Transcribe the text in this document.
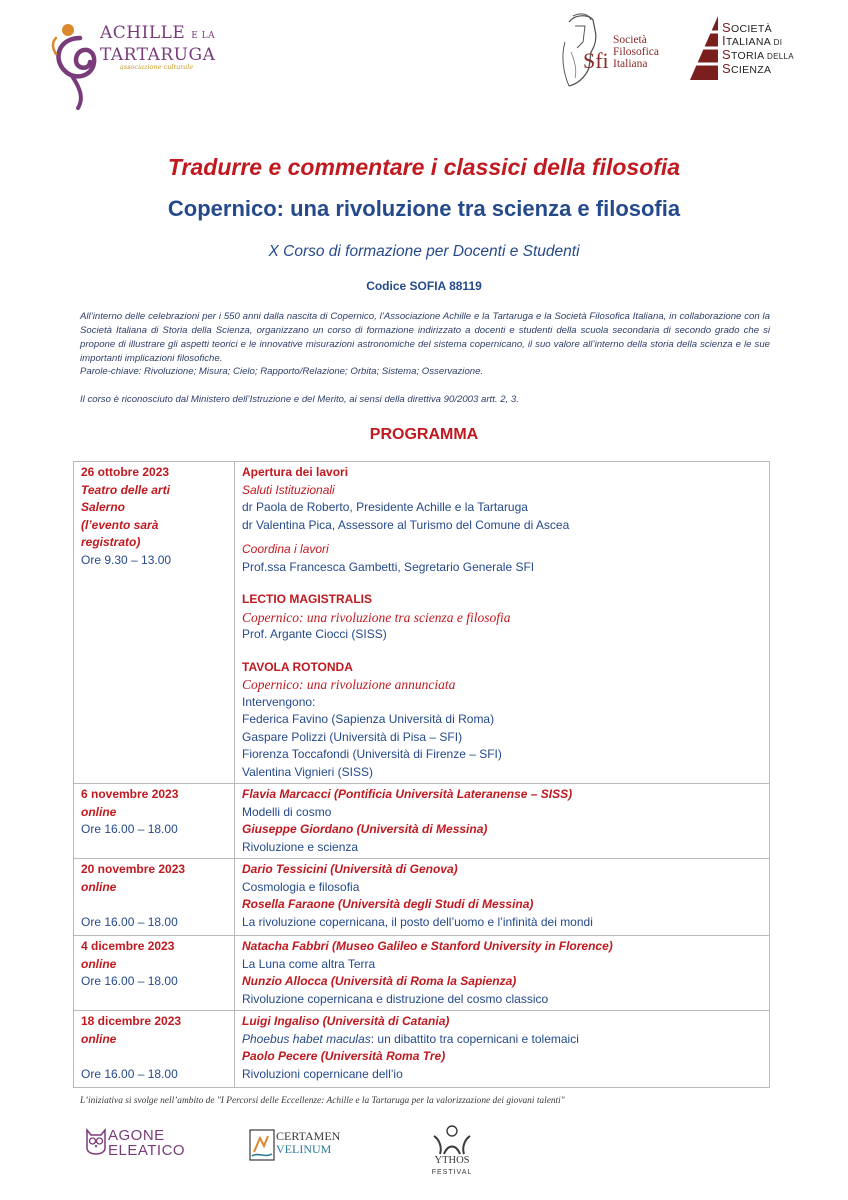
ACHILLE E LA
TARTARUGA
associazione culturale	Sfi
Società
Filosofica
Italiana
SOCIETÀ
ITALIANA DI
STORIA DELLA
SCIENZA
Tradurre e commentare i classici della filosofia
Copernico: una rivoluzione tra scienza e filosofia
X Corso di formazione per Docenti e Studenti
Codice SOFIA 88119
All’interno delle celebrazioni per i 550 anni dalla nascita di Copernico, l’Associazione Achille e la Tartaruga e la Società Filosofica Italiana, in collaborazione con la Società Italiana di Storia della Scienza, organizzano un corso di formazione indirizzato a docenti e studenti della scuola secondaria di secondo grado che si propone di illustrare gli aspetti teorici e le innovative misurazioni astronomiche del sistema copernicano, il suo valore all’interno della storia della scienza e le sue importanti implicazioni filosofiche.
Parole-chiave: Rivoluzione; Misura; Cielo; Rapporto/Relazione; Orbita; Sistema; Osservazione.
Il corso è riconosciuto dal Ministero dell’Istruzione e del Merito, ai sensi della direttiva 90/2003 artt. 2, 3.
PROGRAMMA
26 ottobre 2023
Teatro delle arti
Salerno
(l’evento sarà
registrato)
Ore 9.30 – 13.00
Apertura dei lavori
Saluti Istituzionali
dr Paola de Roberto, Presidente Achille e la Tartaruga
dr Valentina Pica, Assessore al Turismo del Comune di Ascea
Coordina i lavori
Prof.ssa Francesca Gambetti, Segretario Generale SFI
LECTIO MAGISTRALIS
Copernico: una rivoluzione tra scienza e filosofia
Prof. Argante Ciocci (SISS)
TAVOLA ROTONDA
Copernico: una rivoluzione annunciata
Intervengono:
Federica Favino (Sapienza Università di Roma)
Gaspare Polizzi (Università di Pisa – SFI)
Fiorenza Toccafondi (Università di Firenze – SFI)
Valentina Vignieri (SISS)
6 novembre 2023
online
Ore 16.00 – 18.00
Flavia Marcacci (Pontificia Università Lateranense – SISS)
Modelli di cosmo
Giuseppe Giordano (Università di Messina)
Rivoluzione e scienza
20 novembre 2023
online
Ore 16.00 – 18.00
Dario Tessicini (Università di Genova)
Cosmologia e filosofia
Rosella Faraone (Università degli Studi di Messina)
La rivoluzione copernicana, il posto dell’uomo e l’infinità dei mondi
4 dicembre 2023
online
Ore 16.00 – 18.00
Natacha Fabbri (Museo Galileo e Stanford University in Florence)
La Luna come altra Terra
Nunzio Allocca (Università di Roma la Sapienza)
Rivoluzione copernicana e distruzione del cosmo classico
18 dicembre 2023
online
Ore 16.00 – 18.00
Luigi Ingaliso (Università di Catania)
Phoebus habet maculas: un dibattito tra copernicani e tolemaici
Paolo Pecere (Università Roma Tre)
Rivoluzioni copernicane dell’io
L’iniziativa si svolge nell’ambito de "I Percorsi delle Eccellenze: Achille e la Tartaruga per la valorizzazione dei giovani talenti"
AGONE
ELEATICO
CERTAMEN
VELINUM
YTHOS
FESTIVAL
